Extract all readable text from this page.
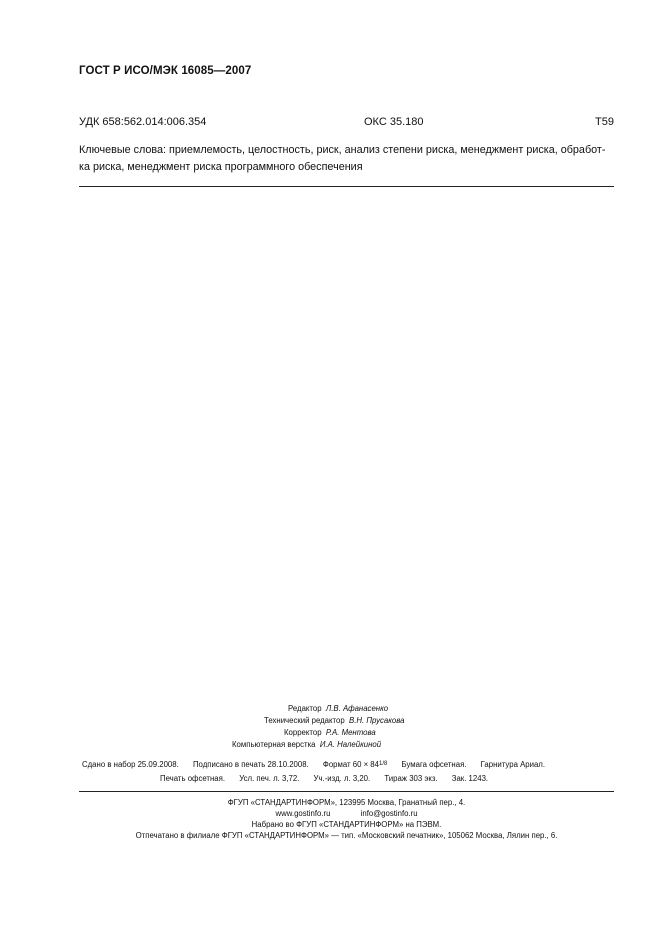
ГОСТ Р ИСО/МЭК 16085—2007
УДК 658:562.014:006.354	ОКС 35.180	Т59
Ключевые слова: приемлемость, целостность, риск, анализ степени риска, менеджмент риска, обработ-
ка риска, менеджмент риска программного обеспечения
Редактор Л.В. Афанасенко
Технический редактор В.Н. Прусакова
Корректор Р.А. Ментова
Компьютерная верстка И.А. Налейкиной
Сдано в набор 25.09.2008. Подписано в печать 28.10.2008. Формат $60 \times 84^{1/8}$ Бумага офсетная. Гарнитура Ариал.
Печать офсетная. Усл. печ. л. 3,72. Уч.-изд. л. 3,20. Тираж 303 экз. Зак. 1243.
ФГУП «СТАНДАРТИНФОРМ», 123995 Москва, Гранатный пер., 4.
www.gostinfo.ru	info@gostinfo.ru
Набрано во ФГУП «СТАНДАРТИНФОРМ» на ПЭВМ.
Отпечатано в филиале ФГУП «СТАНДАРТИНФОРМ» — тип. «Московский печатник», 105062 Москва, Лялин пер., 6.
